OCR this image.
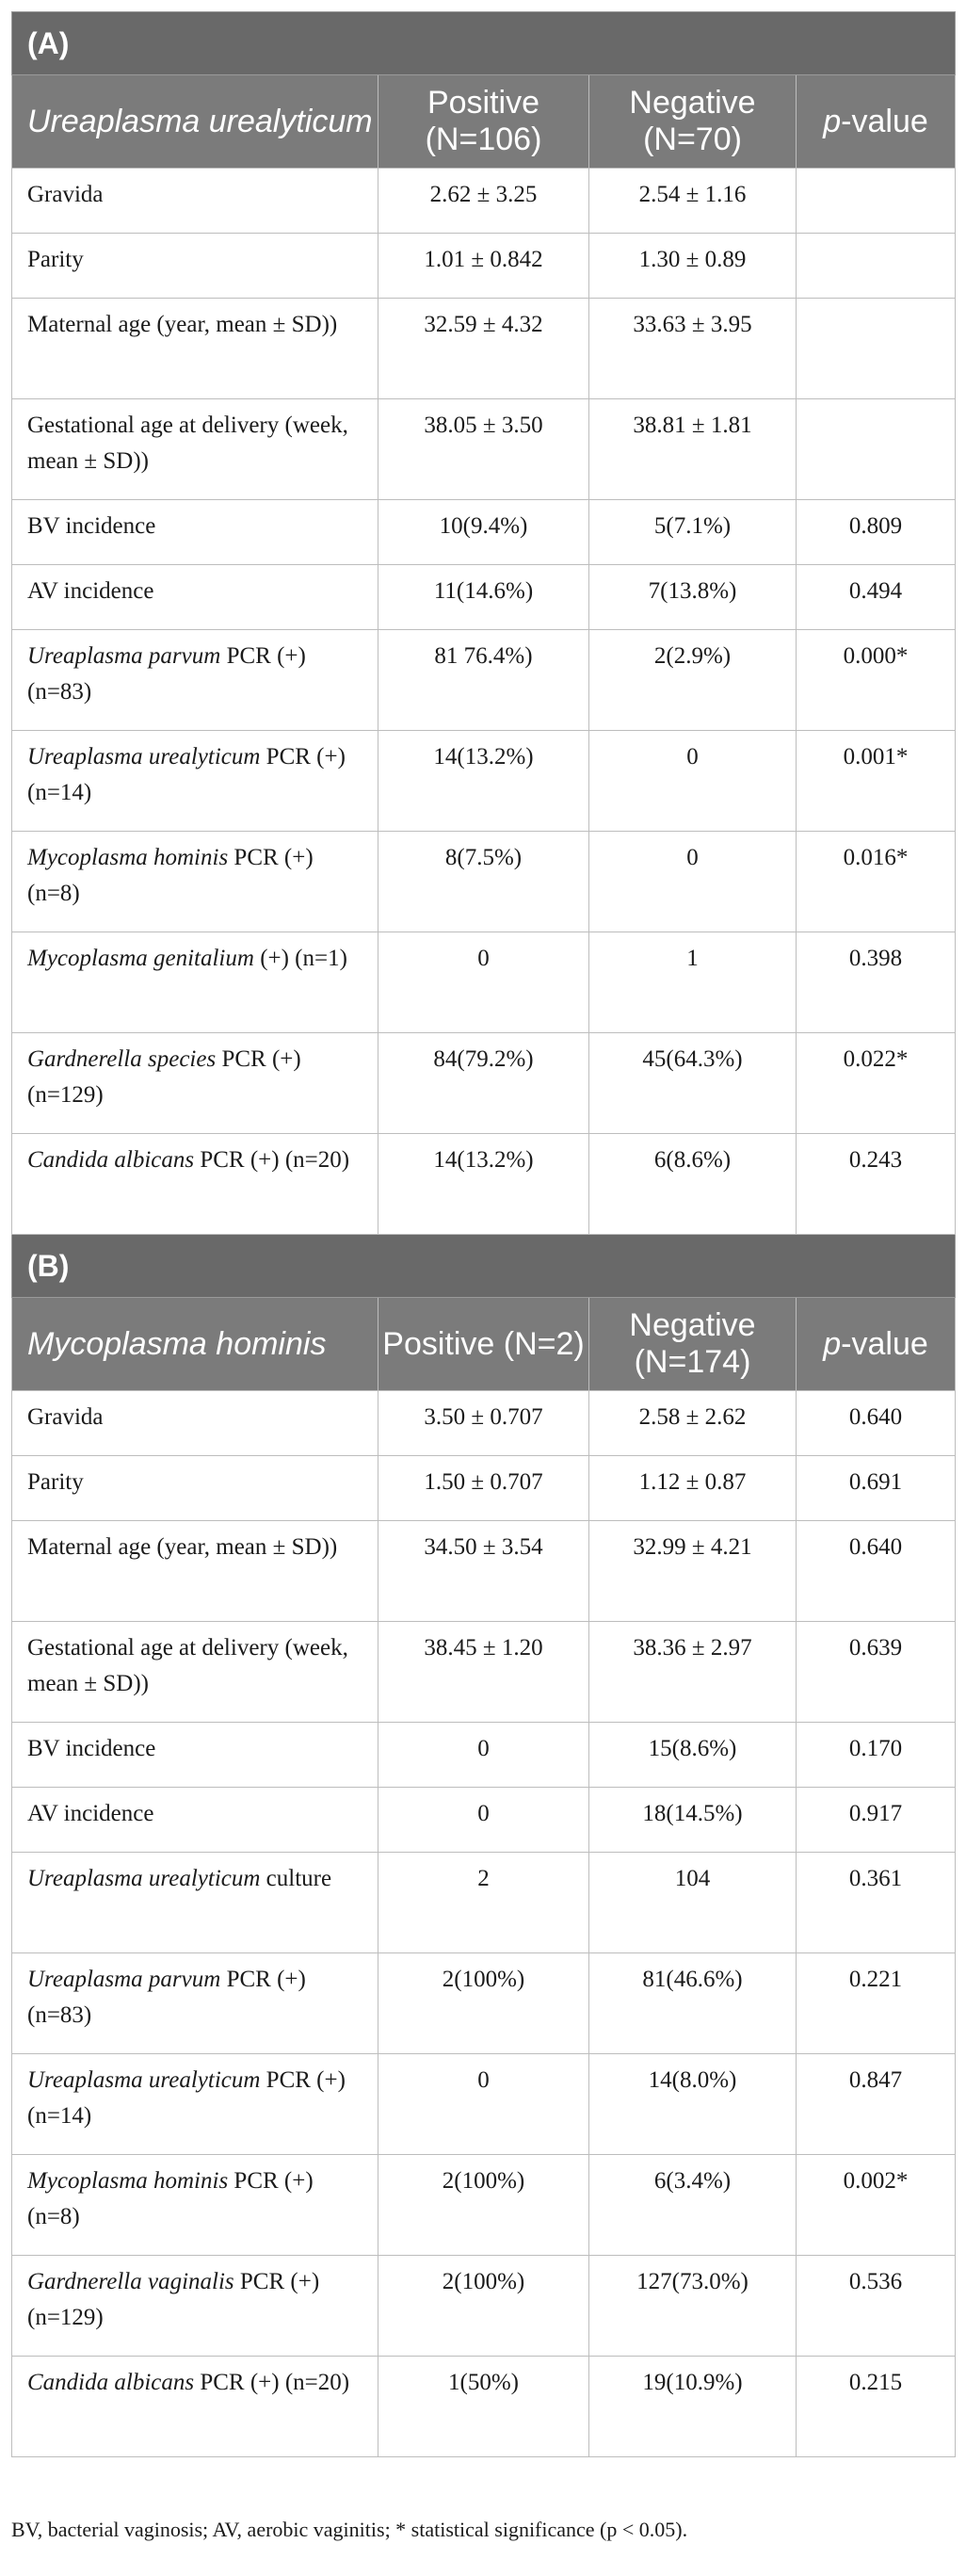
(A)			
Ureaplasma urealyticum	Positive (N=106)	Negative (N=70)	p-value
Gravida	2.62 ± 3.25	2.54 ± 1.16	
Parity	1.01 ± 0.842	1.30 ± 0.89	
Maternal age (year, mean ± SD))	32.59 ± 4.32	33.63 ± 3.95	
Gestational age at delivery (week, mean ± SD))	38.05 ± 3.50	38.81 ± 1.81	
BV incidence	10(9.4%)	5(7.1%)	0.809
AV incidence	11(14.6%)	7(13.8%)	0.494
Ureaplasma parvum PCR (+) (n=83)	81 76.4%)	2(2.9%)	0.000*
Ureaplasma urealyticum PCR (+) (n=14)	14(13.2%)	0	0.001*
Mycoplasma hominis PCR (+) (n=8)	8(7.5%)	0	0.016*
Mycoplasma genitalium (+) (n=1)	0	1	0.398
Gardnerella species PCR (+) (n=129)	84(79.2%)	45(64.3%)	0.022*
Candida albicans PCR (+) (n=20)	14(13.2%)	6(8.6%)	0.243
(B)			
Mycoplasma hominis	Positive (N=2)	Negative (N=174)	p-value
Gravida	3.50 ± 0.707	2.58 ± 2.62	0.640
Parity	1.50 ± 0.707	1.12 ± 0.87	0.691
Maternal age (year, mean ± SD))	34.50 ± 3.54	32.99 ± 4.21	0.640
Gestational age at delivery (week, mean ± SD))	38.45 ± 1.20	38.36 ± 2.97	0.639
BV incidence	0	15(8.6%)	0.170
AV incidence	0	18(14.5%)	0.917
Ureaplasma urealyticum culture	2	104	0.361
Ureaplasma parvum PCR (+) (n=83)	2(100%)	81(46.6%)	0.221
Ureaplasma urealyticum PCR (+) (n=14)	0	14(8.0%)	0.847
Mycoplasma hominis PCR (+) (n=8)	2(100%)	6(3.4%)	0.002*
Gardnerella vaginalis PCR (+) (n=129)	2(100%)	127(73.0%)	0.536
Candida albicans PCR (+) (n=20)	1(50%)	19(10.9%)	0.215
BV, bacterial vaginosis; AV, aerobic vaginitis; * statistical significance (p < 0.05).
